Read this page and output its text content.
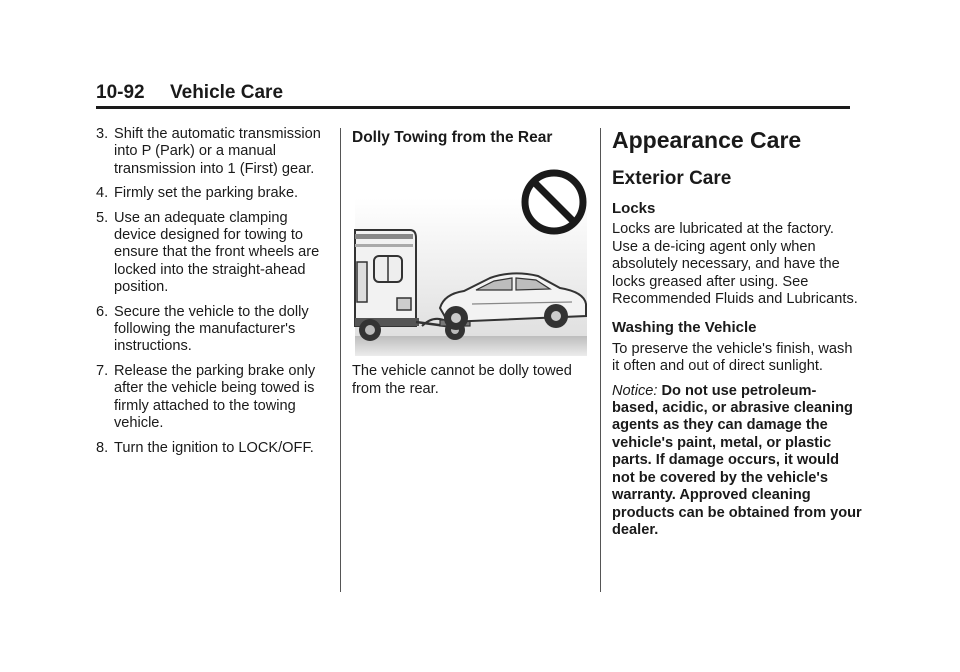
10-92 Vehicle Care
3. Shift the automatic transmission into P (Park) or a manual transmission into 1 (First) gear.
4. Firmly set the parking brake.
5. Use an adequate clamping device designed for towing to ensure that the front wheels are locked into the straight-ahead position.
6. Secure the vehicle to the dolly following the manufacturer's instructions.
7. Release the parking brake only after the vehicle being towed is firmly attached to the towing vehicle.
8. Turn the ignition to LOCK/OFF.
Dolly Towing from the Rear

The vehicle cannot be dolly towed from the rear.

Appearance Care
Exterior Care
Locks

Locks are lubricated at the factory. Use a de-icing agent only when absolutely necessary, and have the locks greased after using. See Recommended Fluids and Lubricants.

Washing the Vehicle

To preserve the vehicle's finish, wash it often and out of direct sunlight.

Notice: Do not use petroleum-based, acidic, or abrasive cleaning agents as they can damage the vehicle's paint, metal, or plastic parts. If damage occurs, it would not be covered by the vehicle's warranty. Approved cleaning products can be obtained from your dealer.
